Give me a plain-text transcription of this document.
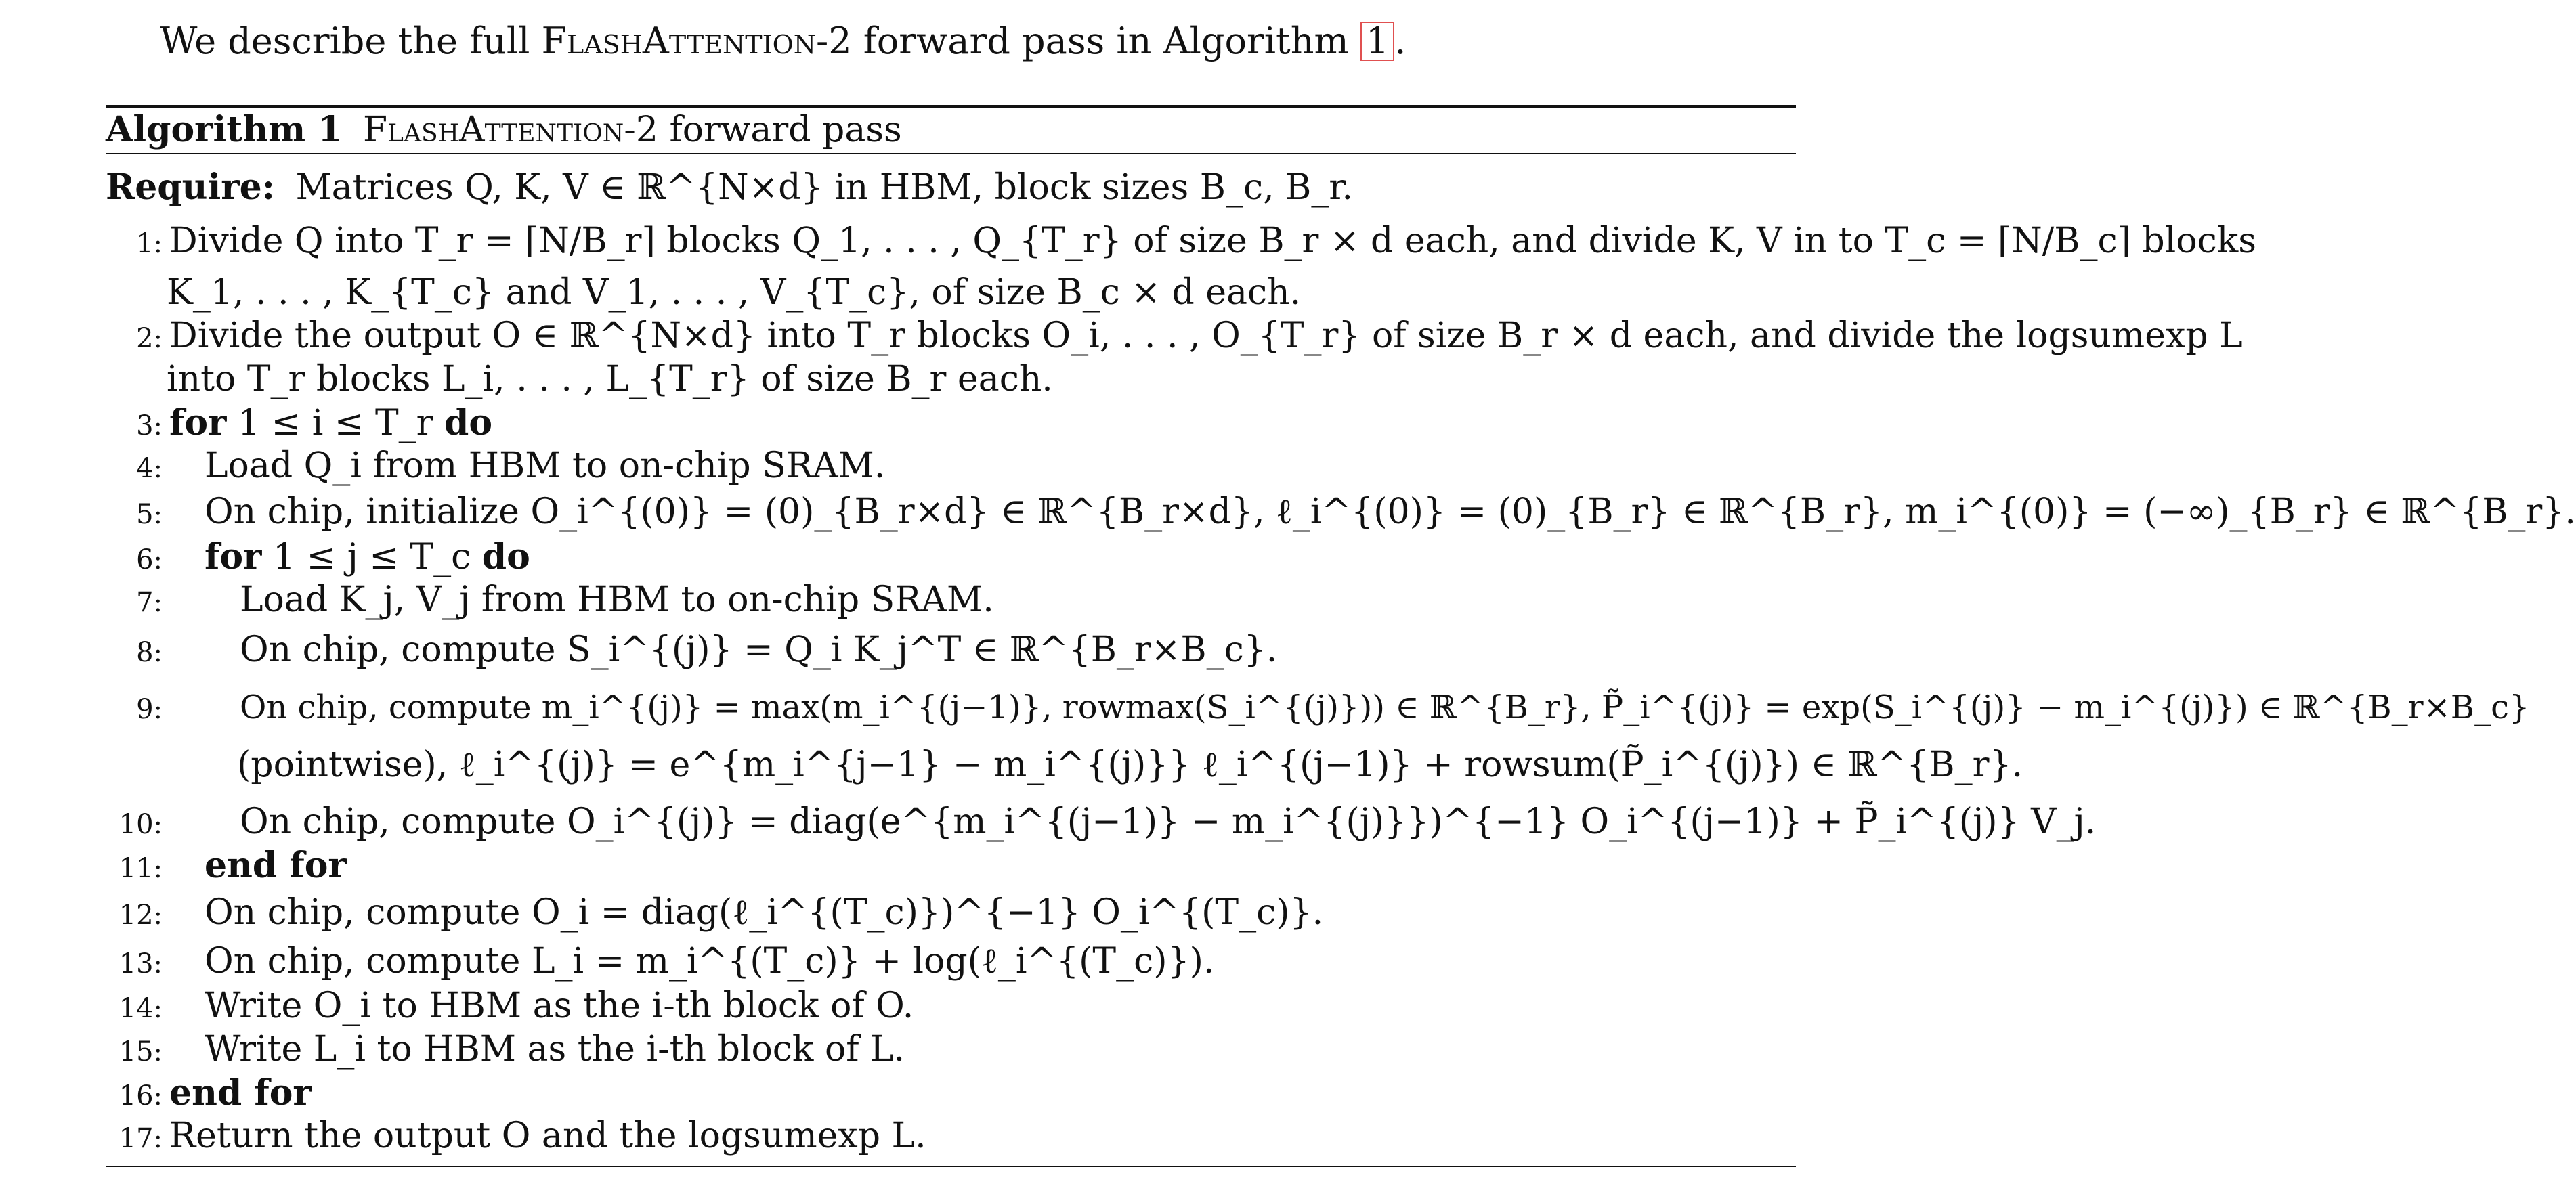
We describe the full FlashAttention-2 forward pass in Algorithm 1 .
Algorithm 1 FlashAttention-2 forward pass
Require: Matrices Q, K, V ∈ ℝ^{N×d} in HBM, block sizes B_c, B_r.
1: Divide Q into T_r = ⌈N/B_r⌉ blocks Q_1, . . . , Q_{T_r} of size B_r × d each, and divide K, V in to T_c = ⌈N/B_c⌉ blocks
K_1, . . . , K_{T_c} and V_1, . . . , V_{T_c}, of size B_c × d each.
2: Divide the output O ∈ ℝ^{N×d} into T_r blocks O_i, . . . , O_{T_r} of size B_r × d each, and divide the logsumexp L
into T_r blocks L_i, . . . , L_{T_r} of size B_r each.
3: for 1 ≤ i ≤ T_r do
4: Load Q_i from HBM to on-chip SRAM.
5: On chip, initialize O_i^{(0)} = (0)_{B_r×d} ∈ ℝ^{B_r×d}, ℓ_i^{(0)} = (0)_{B_r} ∈ ℝ^{B_r}, m_i^{(0)} = (−∞)_{B_r} ∈ ℝ^{B_r}.
6: for 1 ≤ j ≤ T_c do
7: Load K_j, V_j from HBM to on-chip SRAM.
8: On chip, compute S_i^{(j)} = Q_i K_j^T ∈ ℝ^{B_r×B_c}.
9: On chip, compute m_i^{(j)} = max(m_i^{(j−1)}, rowmax(S_i^{(j)})) ∈ ℝ^{B_r}, P̃_i^{(j)} = exp(S_i^{(j)} − m_i^{(j)}) ∈ ℝ^{B_r×B_c}
(pointwise), ℓ_i^{(j)} = e^{m_i^{j−1} − m_i^{(j)}} ℓ_i^{(j−1)} + rowsum(P̃_i^{(j)}) ∈ ℝ^{B_r}.
10: On chip, compute O_i^{(j)} = diag(e^{m_i^{(j−1)} − m_i^{(j)}})^{−1} O_i^{(j−1)} + P̃_i^{(j)} V_j.
11: end for
12: On chip, compute O_i = diag(ℓ_i^{(T_c)})^{−1} O_i^{(T_c)}.
13: On chip, compute L_i = m_i^{(T_c)} + log(ℓ_i^{(T_c)}).
14: Write O_i to HBM as the i-th block of O.
15: Write L_i to HBM as the i-th block of L.
16: end for
17: Return the output O and the logsumexp L.
